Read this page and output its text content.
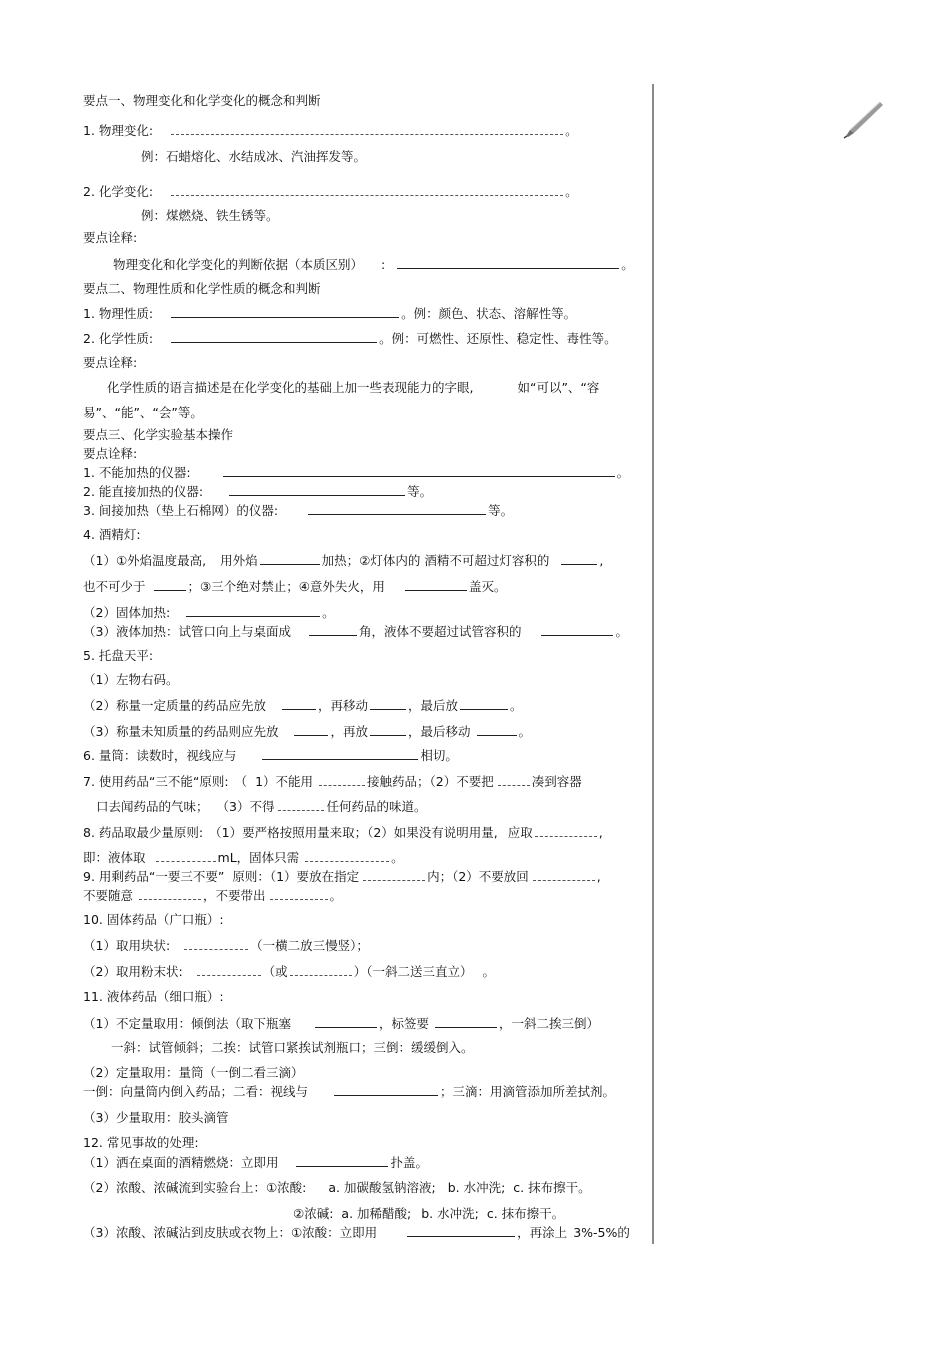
要点一、物理变化和化学变化的概念和判断
1. 物理变化:	。
例：石蜡熔化、水结成冰、汽油挥发等。
2. 化学变化:	。
例：煤燃烧、铁生锈等。
要点诠释:
物理变化和化学变化的判断依据（本质区别） :	。
要点二、物理性质和化学性质的概念和判断
1. 物理性质:	。例：颜色、状态、溶解性等。
2. 化学性质:	。例：可燃性、还原性、稳定性、毒性等。
要点诠释:
化学性质的语言描述是在化学变化的基础上加一些表现能力的字眼,	如“可以”、“容
易”、“能”、“会”等。
要点三、化学实验基本操作
要点诠释:
1. 不能加热的仪器:	。
2. 能直接加热的仪器:	等。
3. 间接加热（垫上石棉网）的仪器:	等。
4. 酒精灯:
（1）①外焰温度最高, 用外焰	加热；②灯体内的 酒精不可超过灯容积的	,
也不可少于	；③三个绝对禁止；④意外失火，用	盖灭。
（2）固体加热:	。
（3）液体加热：试管口向上与桌面成	角，液体不要超过试管容积的	。
5. 托盘天平:
（1）左物右码。
（2）称量一定质量的药品应先放	，再移动	，最后放	。
（3）称量未知质量的药品则应先放	，再放	，最后移动	。
6. 量筒：读数时，视线应与	相切。
7. 使用药品“三不能“原则: （ 1）不能用	接触药品；（2）不要把	凑到容器
口去闻药品的气味； （3）不得	任何药品的味道。
8. 药品取最少量原则: （1）要严格按照用量来取；（2）如果没有说明用量, 应取	,
即：液体取	mL，固体只需	。
9. 用剩药品“一要三不要” 原则：（1）要放在指定	内；（2）不要放回	,
不要随意	，不要带出	。
10. 固体药品（广口瓶）:
（1）取用块状:	（一横二放三慢竖）；
（2）取用粉末状:	（或	）（一斜二送三直立） 。
11. 液体药品（细口瓶）:
（1）不定量取用：倾倒法（取下瓶塞	，标签要	，一斜二挨三倒）
一斜：试管倾斜；二挨：试管口紧挨试剂瓶口；三倒：缓缓倒入。
（2）定量取用：量筒（一倒二看三滴）
一倒：向量筒内倒入药品；二看：视线与	；三滴：用滴管添加所差拭剂。
（3）少量取用：胶头滴管
12. 常见事故的处理:
（1）洒在桌面的酒精燃烧：立即用	扑盖。
（2）浓酸、浓碱流到实验台上：①浓酸: a. 加碳酸氢钠溶液; b. 水冲洗; c. 抹布擦干。
②浓碱: a. 加稀醋酸; b. 水冲洗; c. 抹布擦干。
（3）浓酸、浓碱沾到皮肤或衣物上：①浓酸：立即用	，再涂上 3%-5%的
